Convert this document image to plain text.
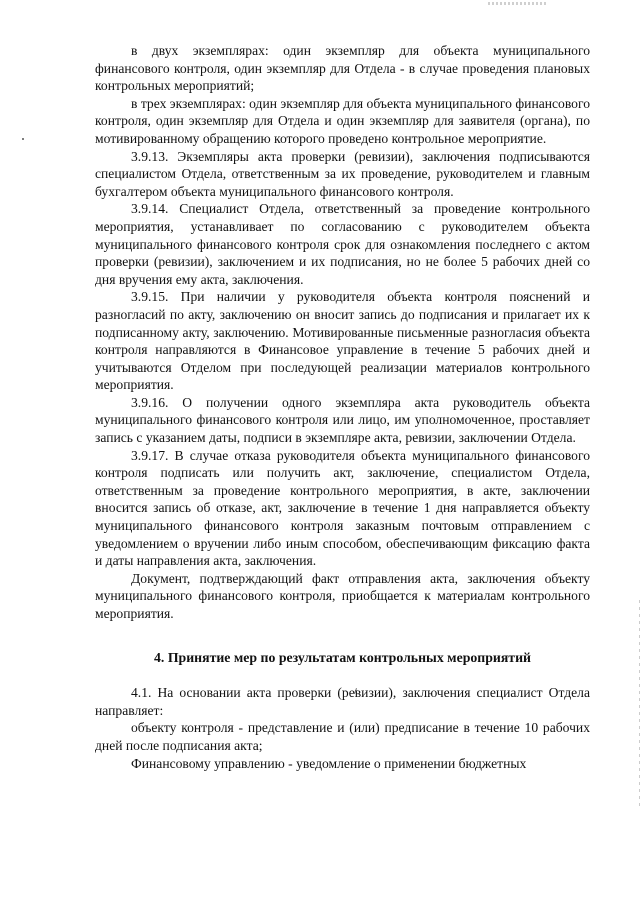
в двух экземплярах: один экземпляр для объекта муниципального финансового контроля, один экземпляр для Отдела - в случае проведения плановых контрольных мероприятий;

в трех экземплярах: один экземпляр для объекта муниципального финансового контроля, один экземпляр для Отдела и один экземпляр для заявителя (органа), по мотивированному обращению которого проведено контрольное мероприятие.

3.9.13. Экземпляры акта проверки (ревизии), заключения подписываются специалистом Отдела, ответственным за их проведение, руководителем и главным бухгалтером объекта муниципального финансового контроля.

3.9.14. Специалист Отдела, ответственный за проведение контрольного мероприятия, устанавливает по согласованию с руководителем объекта муниципального финансового контроля срок для ознакомления последнего с актом проверки (ревизии), заключением и их подписания, но не более 5 рабочих дней со дня вручения ему акта, заключения.

3.9.15. При наличии у руководителя объекта контроля пояснений и разногласий по акту, заключению он вносит запись до подписания и прилагает их к подписанному акту, заключению. Мотивированные письменные разногласия объекта контроля направляются в Финансовое управление в течение 5 рабочих дней и учитываются Отделом при последующей реализации материалов контрольного мероприятия.

3.9.16. О получении одного экземпляра акта руководитель объекта муниципального финансового контроля или лицо, им уполномоченное, проставляет запись с указанием даты, подписи в экземпляре акта, ревизии, заключении Отдела.

3.9.17. В случае отказа руководителя объекта муниципального финансового контроля подписать или получить акт, заключение, специалистом Отдела, ответственным за проведение контрольного мероприятия, в акте, заключении вносится запись об отказе, акт, заключение в течение 1 дня направляется объекту муниципального финансового контроля заказным почтовым отправлением с уведомлением о вручении либо иным способом, обеспечивающим фиксацию факта и даты направления акта, заключения.

Документ, подтверждающий факт отправления акта, заключения объекту муниципального финансового контроля, приобщается к материалам контрольного мероприятия.

4. Принятие мер по результатам контрольных мероприятий

4.1. На основании акта проверки (ревизии), заключения специалист Отдела направляет:

объекту контроля - представление и (или) предписание в течение 10 рабочих дней после подписания акта;

Финансовому управлению - уведомление о применении бюджетных
